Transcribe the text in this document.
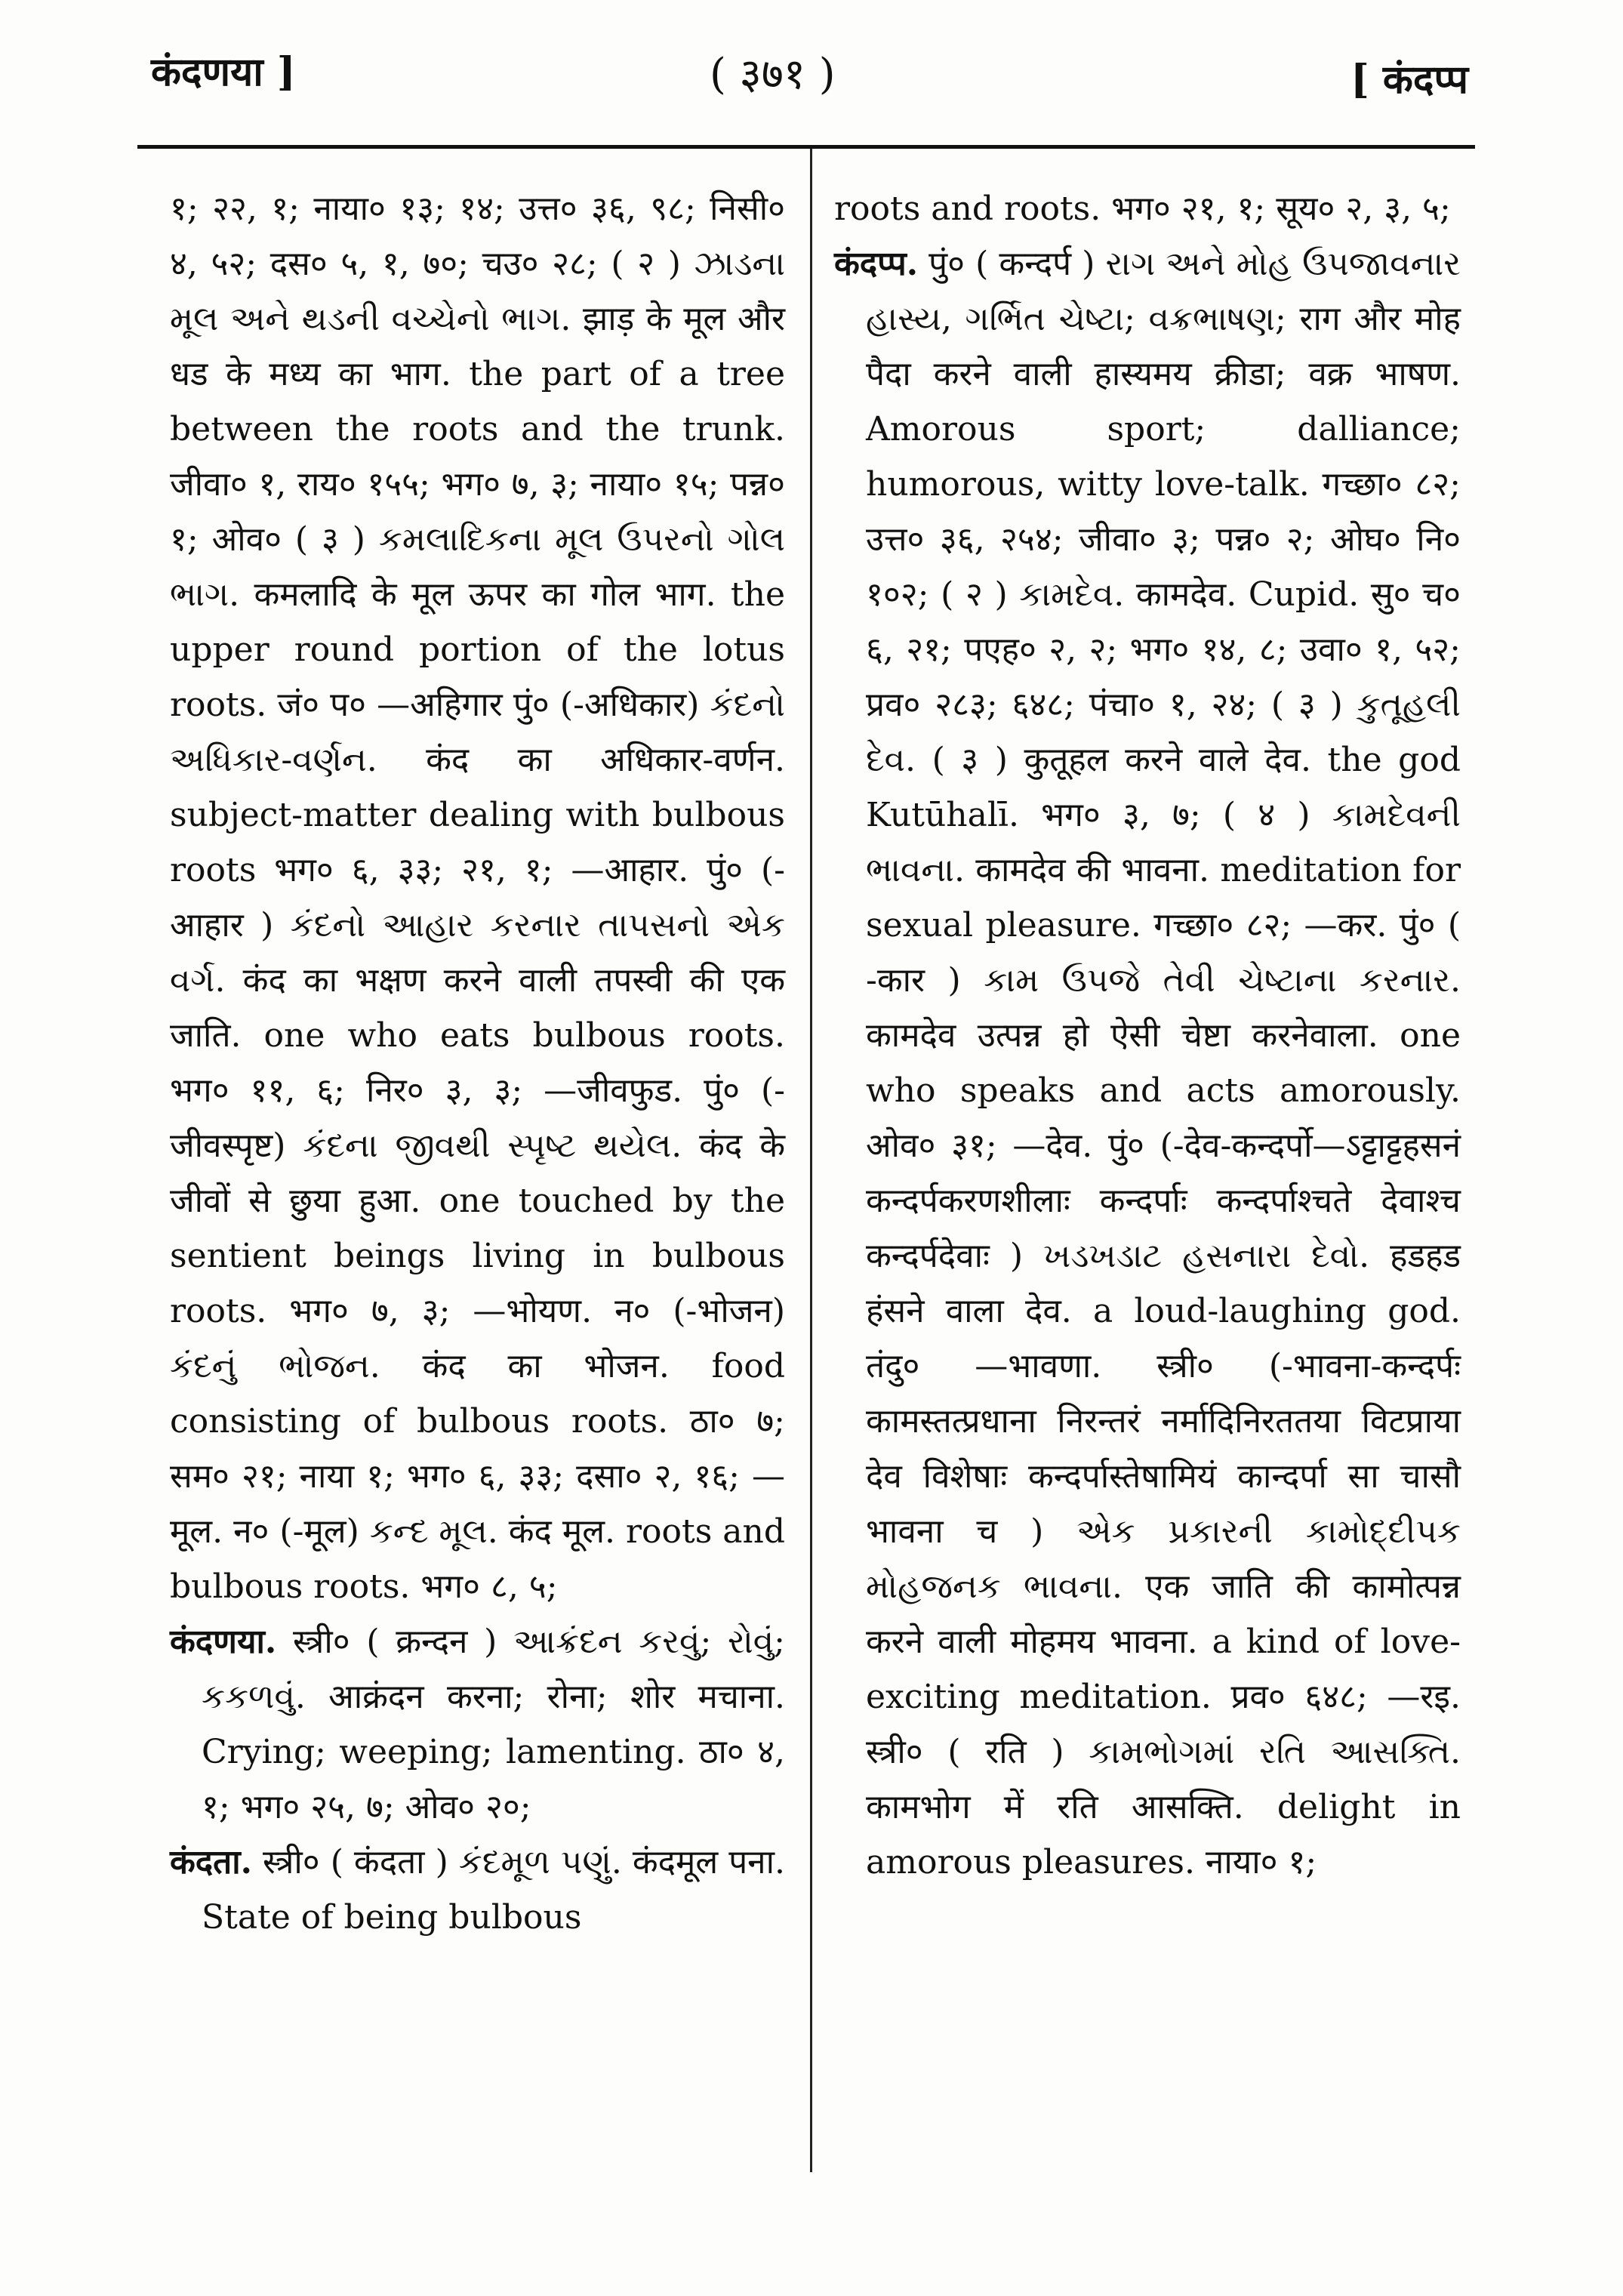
कंदणया ]	( ३७१ )	[ कंदप्प

१; २२, १; नाया० १३; १४; उत्त० ३६, ९८; निसी० ४, ५२; दस० ५, १, ७०; चउ० २८; ( २ ) ઝાડના મૂલ અને થડની વચ્ચેનો ભાગ. झाड़ के मूल और धड के मध्य का भाग. the part of a tree between the roots and the trunk. जीवा० १, राय० १५५; भग० ७, ३; नाया० १५; पन्न० १; ओव० ( ३ ) કમલાદિકના મૂલ ઉપરનો ગોલ ભાગ. कमलादि के मूल ऊपर का गोल भाग. the upper round portion of the lotus roots. जं० प० —अहिगार पुं० (-अधिकार) કંદનો અધિકાર-વર્ણન. कंद का अधिकार-वर्णन. subject-matter dealing with bulbous roots भग० ६, ३३; २१, १; —आहार. पुं० (-आहार ) કંદનો આહાર કરનાર તાપસનો એક વર્ગ. कंद का भक्षण करने वाली तपस्वी की एक जाति. one who eats bulbous roots. भग० ११, ६; निर० ३, ३; —जीवफुड. पुं० (-जीवस्पृष्ट) કંદના જીવથી સ્પૃષ્ટ થયેલ. कंद के जीवों से छुया हुआ. one touched by the sentient beings living in bulbous roots. भग० ७, ३; —भोयण. न० (-भोजन) કંદનું ભોજન. कंद का भोजन. food consisting of bulbous roots. ठा० ७; सम० २१; नाया १; भग० ६, ३३; दसा० २, १६; —मूल. न० (-मूल) કન્દ મૂલ. कंद मूल. roots and bulbous roots. भग० ८, ५;

कंदणया. स्त्री० ( क्रन्दन ) આક્રંદન કરવું; રોવું; કકળવું. आक्रंदन करना; रोना; शोर मचाना. Crying; weeping; lamenting. ठा० ४, १; भग० २५, ७; ओव० २०;

कंदता. स्त्री० ( कंदता ) કંદમૂળ પણું. कंदमूल पना. State of being bulbous

roots and roots. भग० २१, १; सूय० २, ३, ५;

कंदप्प. पुं० ( कन्दर्प ) રાગ અને મોહ ઉપજાવનાર હાસ્ય, ગર્ભિત ચેષ્ટા; વક્રભાષણ; राग और मोह पैदा करने वाली हास्यमय क्रीडा; वक्र भाषण. Amorous sport; dalliance; humorous, witty love-talk. गच्छा० ८२; उत्त० ३६, २५४; जीवा० ३; पन्न० २; ओघ० नि० १०२; ( २ ) કામદેવ. कामदेव. Cupid. सु० च० ६, २१; पएह० २, २; भग० १४, ८; उवा० १, ५२; प्रव० २८३; ६४८; पंचा० १, २४; ( ३ ) કુતૂહલી દેવ. ( ३ ) कुतूहल करने वाले देव. the god Kutūhalī. भग० ३, ७; ( ४ ) કામદેવની ભાવના. कामदेव की भावना. meditation for sexual pleasure. गच्छा० ८२; —कर. पुं० ( -कार ) કામ ઉપજે તેવી ચેષ્ટાના કરનાર. कामदेव उत्पन्न हो ऐसी चेष्टा करनेवाला. one who speaks and acts amorously. ओव० ३१; —देव. पुं० (-देव-कन्दर्पो—ऽट्टाट्टहसनं कन्दर्पकरणशीलाः कन्दर्पाः कन्दर्पाश्चते देवाश्च कन्दर्पदेवाः ) ખડખડાટ હસનારા દેવો. हडहड हंसने वाला देव. a loud-laughing god. तंदु० —भावणा. स्त्री० (-भावना-कन्दर्पः कामस्तत्प्रधाना निरन्तरं नर्मादिनिरततया विटप्राया देव विशेषाः कन्दर्पास्तेषामियं कान्दर्पा सा चासौ भावना च ) એક પ્રકારની કામોદ્દીપક મોહજનક ભાવના. एक जाति की कामोत्पन्न करने वाली मोहमय भावना. a kind of love-exciting meditation. प्रव० ६४८; —रइ. स्त्री० ( रति ) કામભોગમાં રતિ આસક્તિ. कामभोग में रति आसक्ति. delight in amorous pleasures. नाया० १;
